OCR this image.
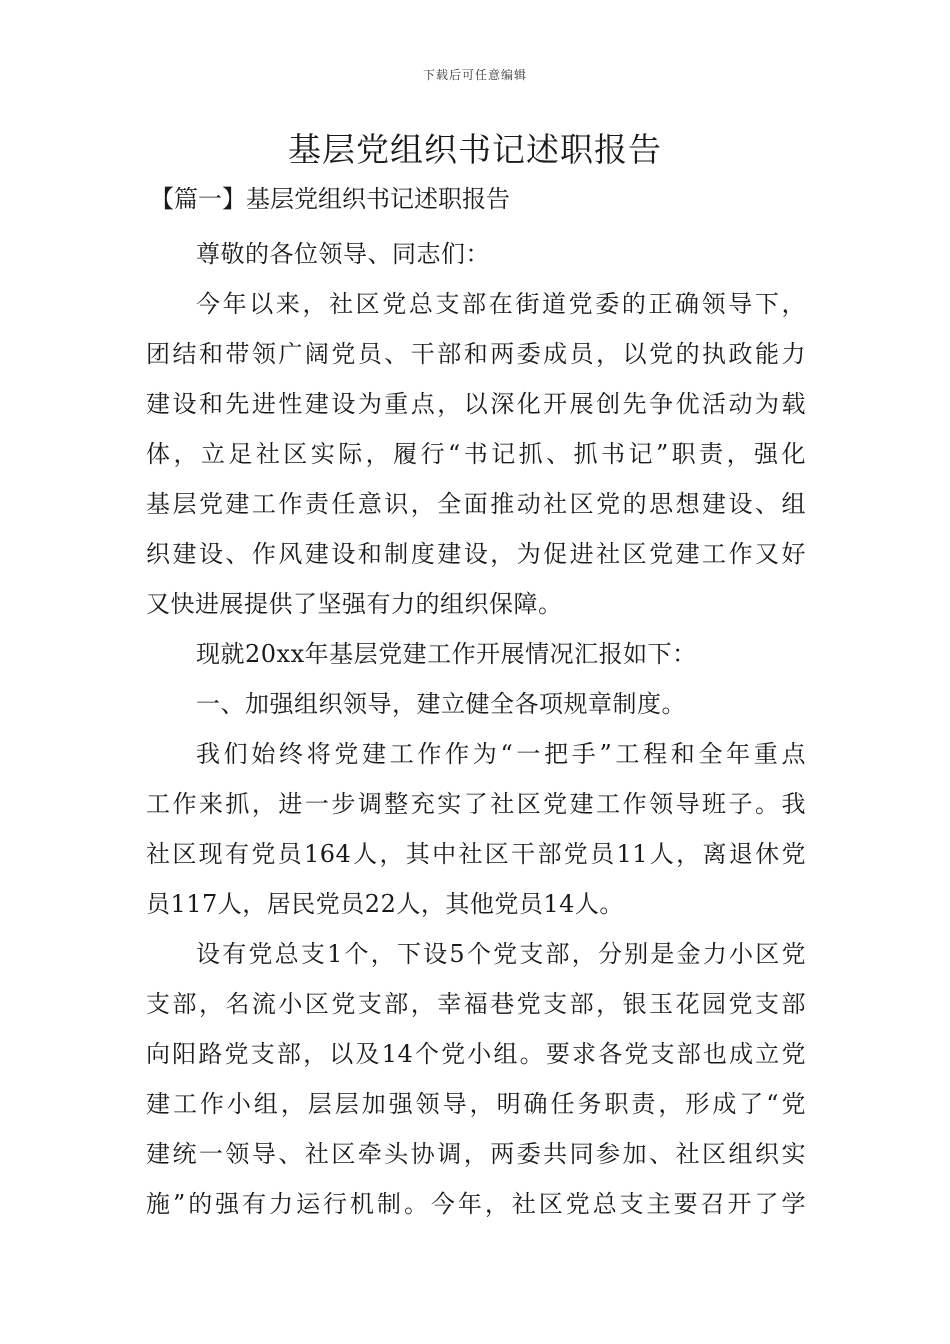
下载后可任意编辑
基层党组织书记述职报告

【篇一】基层党组织书记述职报告

尊敬的各位领导、同志们：
今年以来，社区党总支部在街道党委的正确领导下，
团结和带领广阔党员、干部和两委成员，以党的执政能力
建设和先进性建设为重点，以深化开展创先争优活动为载
体，立足社区实际，履行“书记抓、抓书记”职责，强化
基层党建工作责任意识，全面推动社区党的思想建设、组
织建设、作风建设和制度建设，为促进社区党建工作又好
又快进展提供了坚强有力的组织保障。
现就20xx年基层党建工作开展情况汇报如下：
一、加强组织领导，建立健全各项规章制度。
我们始终将党建工作作为“一把手”工程和全年重点
工作来抓，进一步调整充实了社区党建工作领导班子。我
社区现有党员164人，其中社区干部党员11人，离退休党
员117人，居民党员22人，其他党员14人。
设有党总支1个，下设5个党支部，分别是金力小区党
支部，名流小区党支部，幸福巷党支部，银玉花园党支部
向阳路党支部，以及14个党小组。要求各党支部也成立党
建工作小组，层层加强领导，明确任务职责，形成了“党
建统一领导、社区牵头协调，两委共同参加、社区组织实
施”的强有力运行机制。今年，社区党总支主要召开了学
